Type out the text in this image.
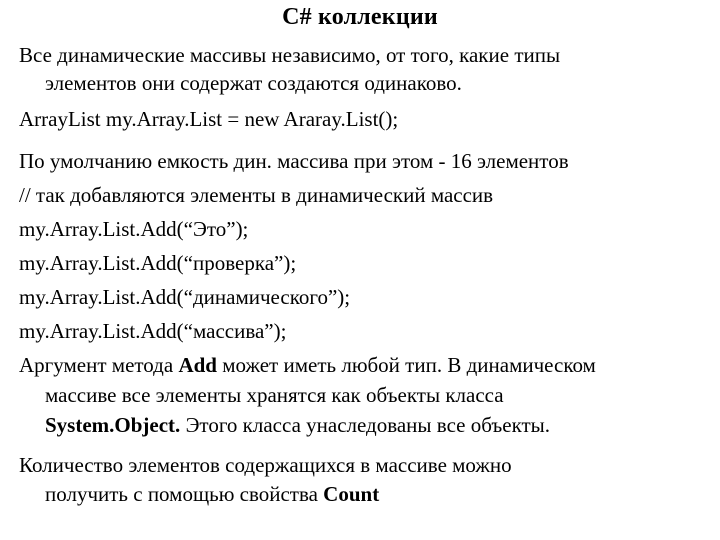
C# коллекции
Все динамические массивы независимо, от того, какие типы
элементов они содержат создаются одинаково.
ArrayList my.Array.List = new Araray.List();
По умолчанию емкость дин. массива при этом - 16 элементов
// так добавляются элементы в динамический массив
my.Array.List.Add(“Это”);
my.Array.List.Add(“проверка”);
my.Array.List.Add(“динамического”);
my.Array.List.Add(“массива”);
Аргумент метода Add может иметь любой тип. В динамическом
массиве все элементы хранятся как объекты класса
System.Object. Этого класса унаследованы все объекты.
Количество элементов содержащихся в массиве можно
получить с помощью свойства Count
